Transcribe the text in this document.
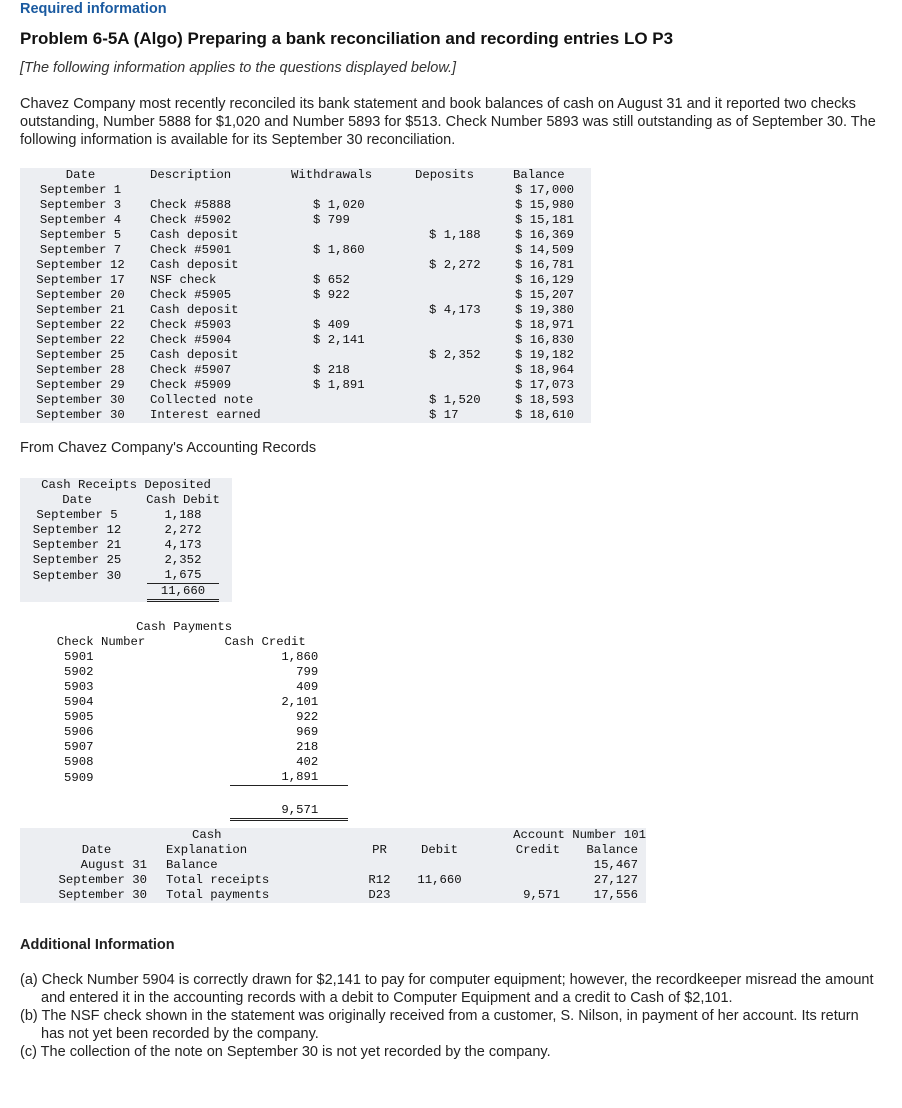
Required information
Problem 6-5A (Algo) Preparing a bank reconciliation and recording entries LO P3
[The following information applies to the questions displayed below.]
Chavez Company most recently reconciled its bank statement and book balances of cash on August 31 and it reported two checks outstanding, Number 5888 for $1,020 and Number 5893 for $513. Check Number 5893 was still outstanding as of September 30. The following information is available for its September 30 reconciliation.
Date	Description	Withdrawals	Deposits	Balance
September 1				$ 17,000
September 3	Check #5888	$ 1,020		$ 15,980
September 4	Check #5902	$ 799		$ 15,181
September 5	Cash deposit		$ 1,188	$ 16,369
September 7	Check #5901	$ 1,860		$ 14,509
September 12	Cash deposit		$ 2,272	$ 16,781
September 17	NSF check	$ 652		$ 16,129
September 20	Check #5905	$ 922		$ 15,207
September 21	Cash deposit		$ 4,173	$ 19,380
September 22	Check #5903	$ 409		$ 18,971
September 22	Check #5904	$ 2,141		$ 16,830
September 25	Cash deposit		$ 2,352	$ 19,182
September 28	Check #5907	$ 218		$ 18,964
September 29	Check #5909	$ 1,891		$ 17,073
September 30	Collected note		$ 1,520	$ 18,593
September 30	Interest earned		$ 17	$ 18,610
From Chavez Company's Accounting Records
Cash Receipts Deposited	
Date	Cash Debit
September 5	1,188
September 12	2,272
September 21	4,173
September 25	2,352
September 30	1,675
	11,660
Cash Payments	
Check Number	Cash Credit
5901	1,860
5902	799
5903	409
5904	2,101
5905	922
5906	969
5907	218
5908	402
5909	1,891

9,571

	Cash			Account Number 101	
Date	Explanation	PR	Debit	Credit	Balance
August 31	Balance				15,467
September 30	Total receipts	R12	11,660		27,127
September 30	Total payments	D23		9,571	17,556
Additional Information
(a) Check Number 5904 is correctly drawn for $2,141 to pay for computer equipment; however, the recordkeeper misread the amount and entered it in the accounting records with a debit to Computer Equipment and a credit to Cash of $2,101.
(b) The NSF check shown in the statement was originally received from a customer, S. Nilson, in payment of her account. Its return has not yet been recorded by the company.
(c) The collection of the note on September 30 is not yet recorded by the company.
